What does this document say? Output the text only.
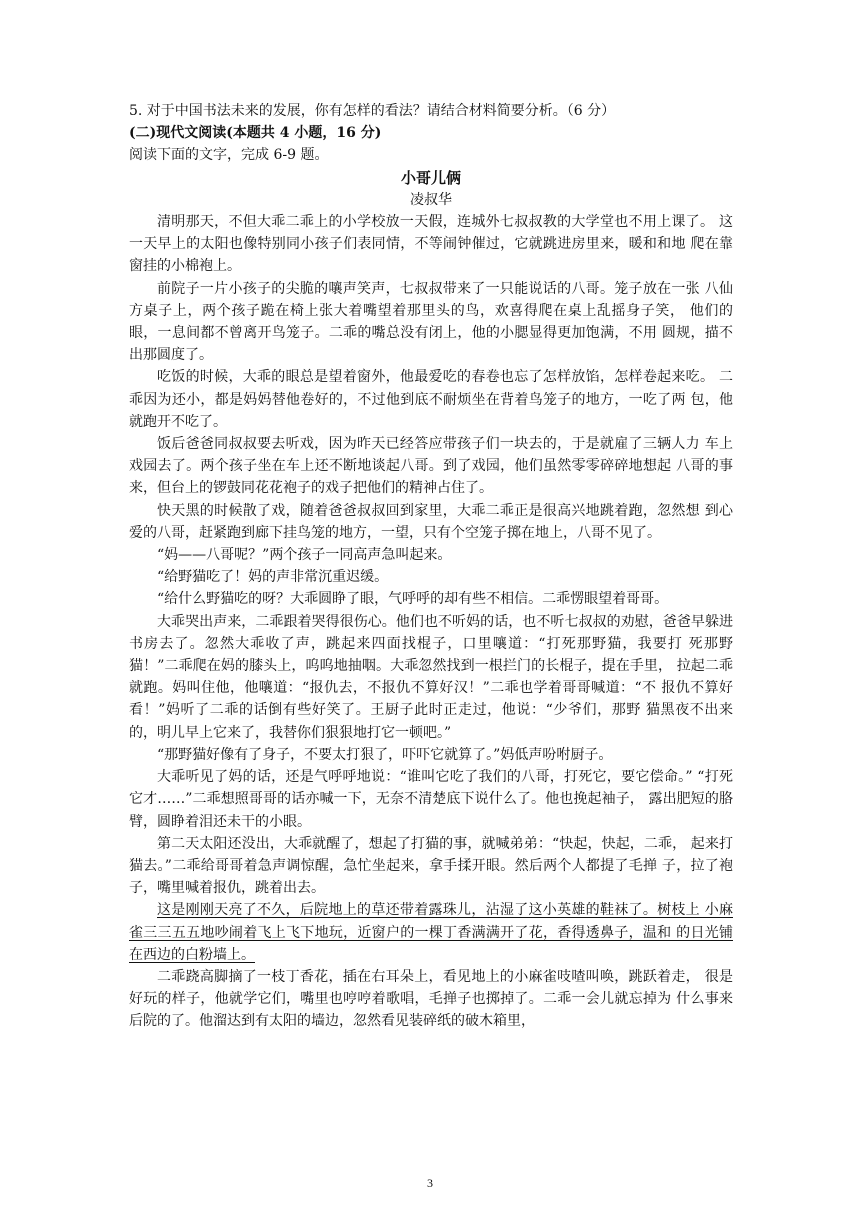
5. 对于中国书法未来的发展，你有怎样的看法？请结合材料简要分析。（6 分）
(二)现代文阅读(本题共 4 小题，16 分)
阅读下面的文字，完成 6-9 题。
小哥儿俩
凌叔华

清明那天，不但大乖二乖上的小学校放一天假，连城外七叔叔教的大学堂也不用上课了。 这一天早上的太阳也像特别同小孩子们表同情，不等闹钟催过，它就跳进房里来，暖和和地 爬在靠窗挂的小棉袍上。

前院子一片小孩子的尖脆的嚷声笑声，七叔叔带来了一只能说话的八哥。笼子放在一张 八仙方桌子上，两个孩子跪在椅上张大着嘴望着那里头的鸟，欢喜得爬在桌上乱摇身子笑， 他们的眼，一息间都不曾离开鸟笼子。二乖的嘴总没有闭上，他的小腮显得更加饱满，不用 圆规，描不出那圆度了。

吃饭的时候，大乖的眼总是望着窗外，他最爱吃的春卷也忘了怎样放馅，怎样卷起来吃。 二乖因为还小，都是妈妈替他卷好的，不过他到底不耐烦坐在背着鸟笼子的地方，一吃了两 包，他就跑开不吃了。

饭后爸爸同叔叔要去听戏，因为昨天已经答应带孩子们一块去的，于是就雇了三辆人力 车上戏园去了。两个孩子坐在车上还不断地谈起八哥。到了戏园，他们虽然零零碎碎地想起 八哥的事来，但台上的锣鼓同花花袍子的戏子把他们的精神占住了。

快天黑的时候散了戏，随着爸爸叔叔回到家里，大乖二乖正是很高兴地跳着跑，忽然想 到心爱的八哥，赶紧跑到廊下挂鸟笼的地方，一望，只有个空笼子掷在地上，八哥不见了。

“妈——八哥呢？”两个孩子一同高声急叫起来。

“给野猫吃了！妈的声非常沉重迟缓。

“给什么野猫吃的呀？大乖圆睁了眼，气呼呼的却有些不相信。二乖愣眼望着哥哥。

大乖哭出声来，二乖跟着哭得很伤心。他们也不听妈的话，也不听七叔叔的劝慰，爸爸早躲进书房去了。忽然大乖收了声，跳起来四面找棍子，口里嚷道：“打死那野猫，我要打 死那野猫！”二乖爬在妈的膝头上，呜呜地抽咽。大乖忽然找到一根拦门的长棍子，提在手里， 拉起二乖就跑。妈叫住他，他嚷道：“报仇去，不报仇不算好汉！”二乖也学着哥哥喊道：“不 报仇不算好看！”妈听了二乖的话倒有些好笑了。王厨子此时正走过，他说：“少爷们，那野 猫黑夜不出来的，明儿早上它来了，我替你们狠狠地打它一顿吧。”

“那野猫好像有了身子，不要太打狠了，吓吓它就算了。”妈低声吩咐厨子。

大乖听见了妈的话，还是气呼呼地说：“谁叫它吃了我们的八哥，打死它，要它偿命。” “打死它才……”二乖想照哥哥的话亦喊一下，无奈不清楚底下说什么了。他也挽起袖子， 露出肥短的胳臂，圆睁着泪还未干的小眼。

第二天太阳还没出，大乖就醒了，想起了打猫的事，就喊弟弟：“快起，快起，二乖， 起来打猫去。”二乖给哥哥着急声调惊醒，急忙坐起来，拿手揉开眼。然后两个人都提了毛掸 子，拉了袍子，嘴里喊着报仇，跳着出去。

这是刚刚天亮了不久，后院地上的草还带着露珠儿，沾湿了这小英雄的鞋袜了。树枝上 小麻雀三三五五地吵闹着飞上飞下地玩，近窗户的一棵丁香满满开了花，香得透鼻子，温和 的日光铺在西边的白粉墙上。

二乖跷高脚摘了一枝丁香花，插在右耳朵上，看见地上的小麻雀吱喳叫唤，跳跃着走， 很是好玩的样子，他就学它们，嘴里也哼哼着歌唱，毛掸子也掷掉了。二乖一会儿就忘掉为 什么事来后院的了。他溜达到有太阳的墙边，忽然看见装碎纸的破木箱里，

3
